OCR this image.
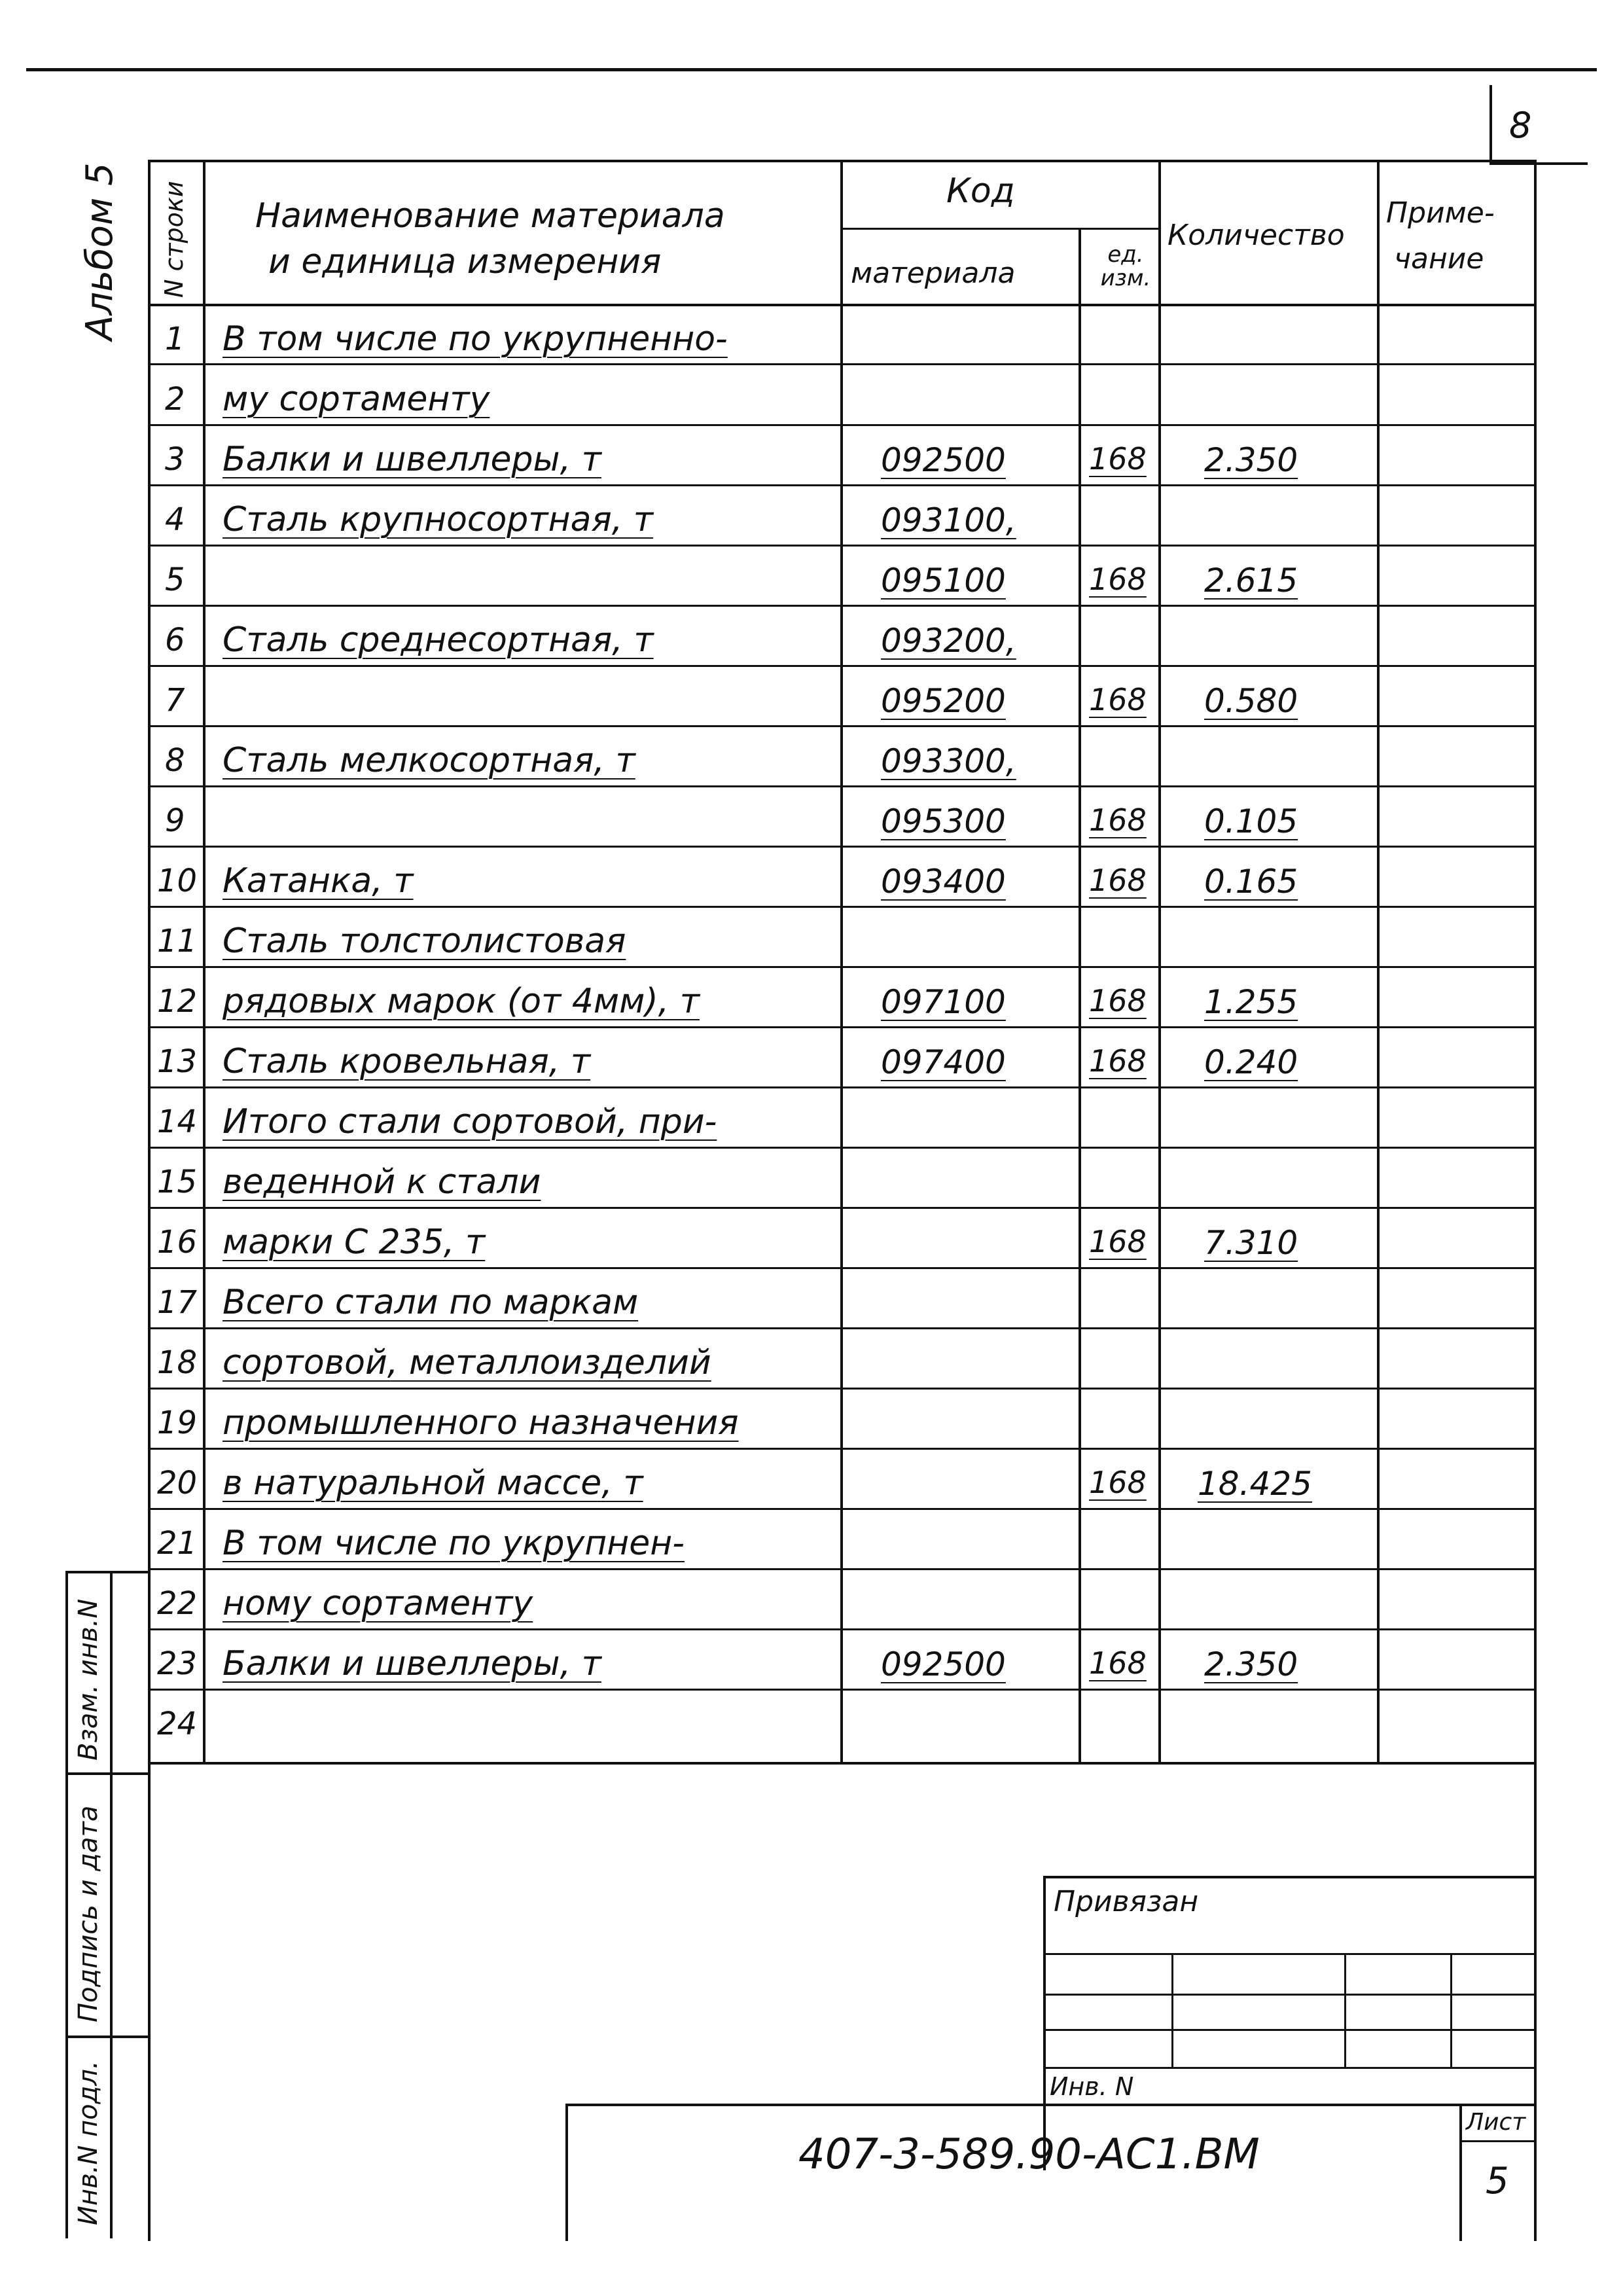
8
Альбом 5 N строки Наименование материала
и единица измерения
Код
материала
ед.
изм.
Количество
Приме-
чание
1
2
3
4
5
6
7
8
9
10
11
12
13
14
15
16
17
18
19
20
21
22
23
24
В том числе по укрупненно-
му сортаменту
Балки и швеллеры, т
Сталь крупносортная, т
Сталь среднесортная, т
Сталь мелкосортная, т
Катанка, т
Сталь толстолистовая
рядовых марок (от 4мм), т
Сталь кровельная, т
Итого стали сортовой, при-
веденной к стали
марки С 235, т
Всего стали по маркам
сортовой, металлоизделий
промышленного назначения
в натуральной массе, т
В том числе по укрупнен-
ному сортаменту
Балки и швеллеры, т
092500
093100,
095100
093200,
095200
093300,
095300
093400
097100
097400
092500
168
168
168
168
168
168
168
168
168
168
2.350
2.615
0.580
0.105
0.165
1.255
0.240
7.310
18.425
2.350
Взам. инв.N
Подпись и дата
Инв.N подл.
Привязан
Инв. N
407-3-589.90-АС1.ВМ
Лист
5
